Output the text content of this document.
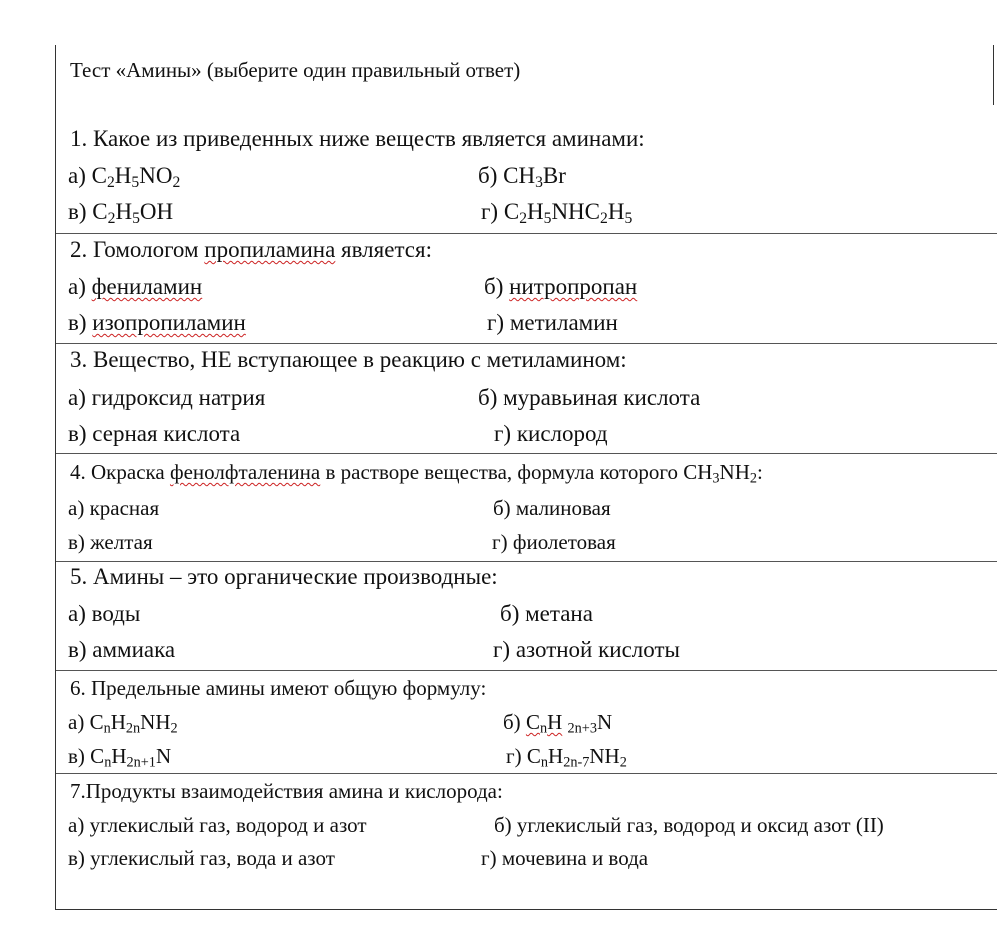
Тест «Амины» (выберите один правильный ответ)
1. Какое из приведенных ниже веществ является аминами:
а) $C_2H_5NO_2$	б) $CH_3Br$
в) $C_2H_5OH$	г) $C_2H_5NHC_2H_5$
2. Гомологом пропиламина является:
а) фениламин	б) нитропропан
в) изопропиламин	г) метиламин
3. Вещество, НЕ вступающее в реакцию с метиламином:
а) гидроксид натрия	б) муравьиная кислота
в) серная кислота	г) кислород
4. Окраска фенолфталенина в растворе вещества, формула которого $CH_3NH_2$:
а) красная	б) малиновая
в) желтая	г) фиолетовая
5. Амины – это органические производные:
а) воды	б) метана
в) аммиака	г) азотной кислоты
6. Предельные амины имеют общую формулу:
а) $C_nH_{2n}NH_2$	б) $C_nH$ $_{2n+3}$N
в) $C_nH_{2n+1}N$	г) $C_nH_{2n-7}NH_2$
7.Продукты взаимодействия амина и кислорода:
а) углекислый газ, водород и азот	б) углекислый газ, водород и оксид азот (II)
в) углекислый газ, вода и азот	г) мочевина и вода
